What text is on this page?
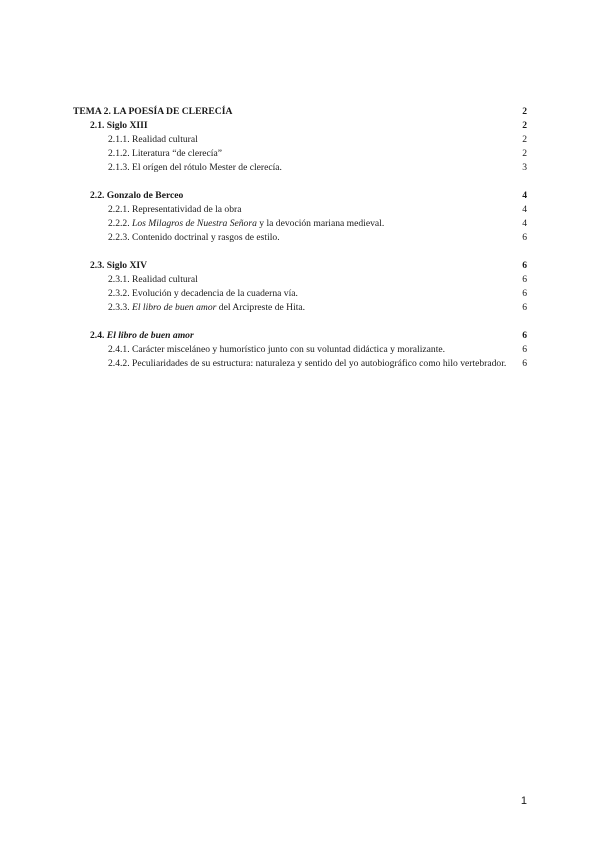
TEMA 2. LA POESÍA DE CLERECÍA	2
2.1. Siglo XIII	2
2.1.1. Realidad cultural	2
2.1.2. Literatura “de clerecía”	2
2.1.3. El orígen del rótulo Mester de clerecía.	3
2.2. Gonzalo de Berceo	4
2.2.1. Representatividad de la obra	4
2.2.2. Los Milagros de Nuestra Señora y la devoción mariana medieval.	4
2.2.3. Contenido doctrinal y rasgos de estilo.	6
2.3. Siglo XIV	6
2.3.1. Realidad cultural	6
2.3.2. Evolución y decadencia de la cuaderna vía.	6
2.3.3. El libro de buen amor del Arcipreste de Hita.	6
2.4. El libro de buen amor	6
2.4.1. Carácter misceláneo y humorístico junto con su voluntad didáctica y moralizante.	6
2.4.2. Peculiaridades de su estructura: naturaleza y sentido del yo autobiográfico como hilo vertebrador.	6
1
